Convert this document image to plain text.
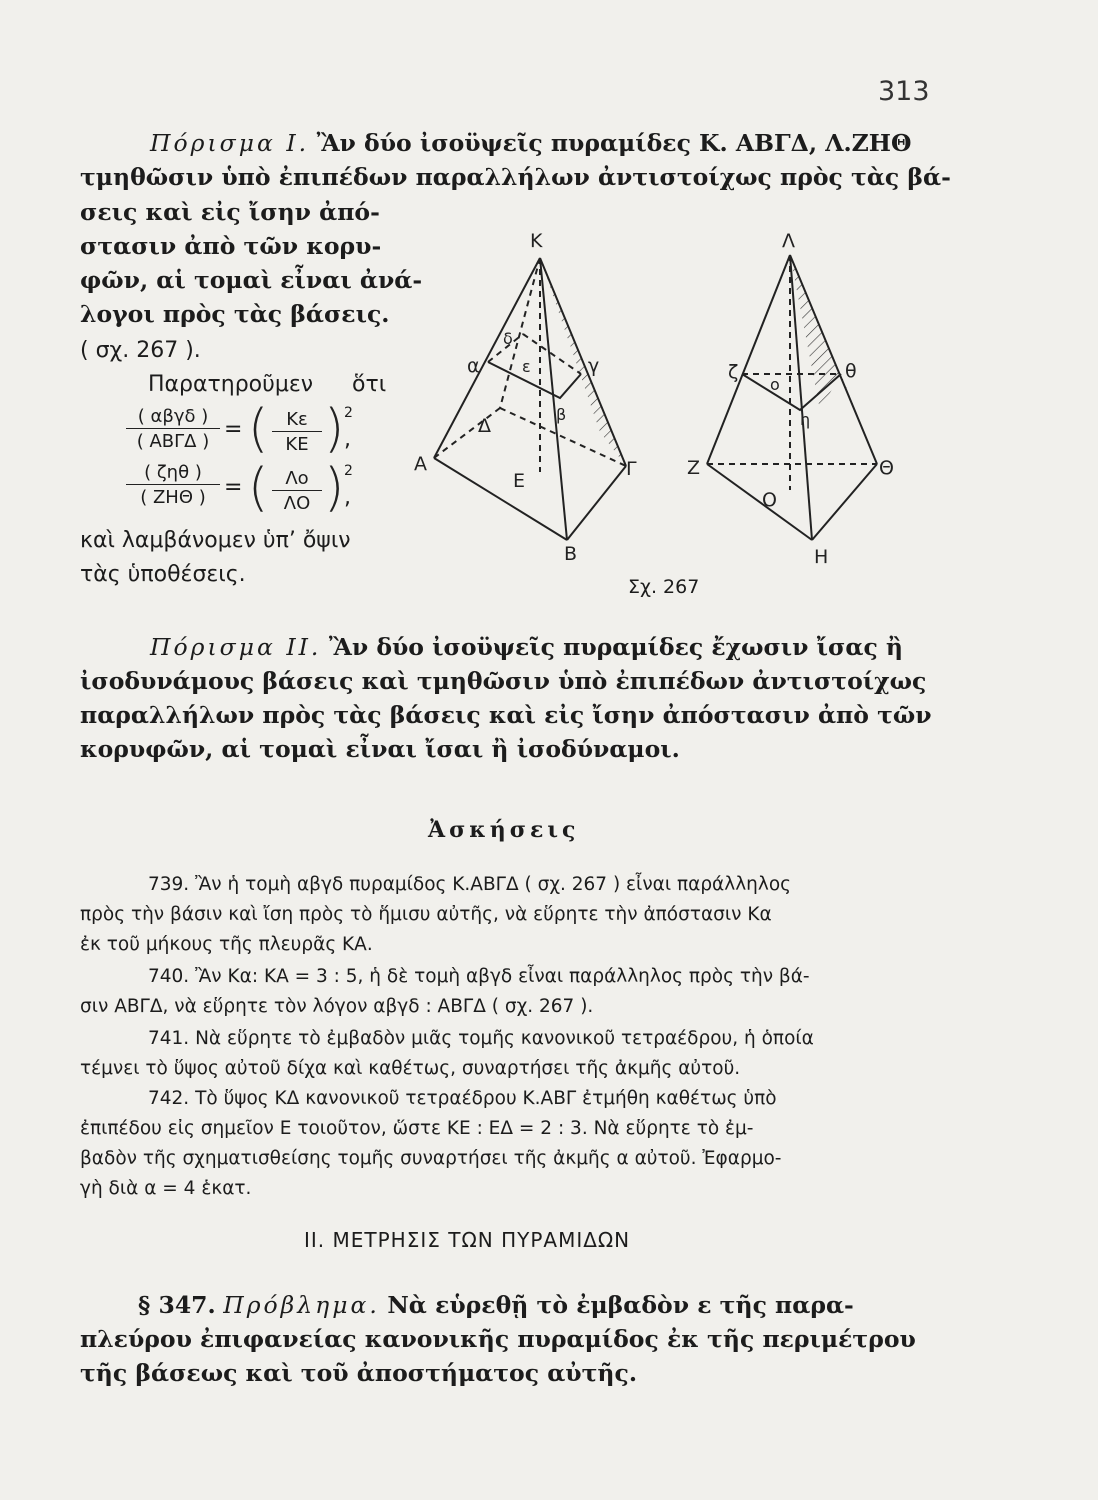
313
Πόρισμα I. Ἂν δύο ἰσοϋψεῖς πυραμίδες Κ. ΑΒΓΔ, Λ.ΖΗΘ
τμηθῶσιν ὑπὸ ἐπιπέδων παραλλήλων ἀντιστοίχως πρὸς τὰς βά-
σεις καὶ εἰς ἴσην ἀπό-
στασιν ἀπὸ τῶν κορυ-
φῶν, αἱ τομαὶ εἶναι ἀνά-
λογοι πρὸς τὰς βάσεις.
( σχ. 267 ).
Παρατηροῦμεν ὅτι
( αβγδ )
( ΑΒΓΔ ) = ( $\frac{K\varepsilon}{KE}$ ) 2
,
( ζηθ )
( ΖΗΘ ) = ( $\frac{\Lambda o}{\Lambda O}$ ) 2
,
καὶ λαμβάνομεν ὑπ’ ὄψιν
τὰς ὑποθέσεις.
Κ
α
δ
ε	γ
β
Δ
Α
Ε
Γ
Β
Λ
ζ
ο
θ
η
Ζ
Ο
Θ
Η
Σχ. 267
Πόρισμα II. Ἂν δύο ἰσοϋψεῖς πυραμίδες ἔχωσιν ἴσας ἢ
ἰσοδυνάμους βάσεις καὶ τμηθῶσιν ὑπὸ ἐπιπέδων ἀντιστοίχως
παραλλήλων πρὸς τὰς βάσεις καὶ εἰς ἴσην ἀπόστασιν ἀπὸ τῶν
κορυφῶν, αἱ τομαὶ εἶναι ἴσαι ἢ ἰσοδύναμοι.
Ἀσκήσεις
739. Ἂν ἡ τομὴ αβγδ πυραμίδος Κ.ΑΒΓΔ ( σχ. 267 ) εἶναι παράλληλος
πρὸς τὴν βάσιν καὶ ἴση πρὸς τὸ ἥμισυ αὐτῆς, νὰ εὕρητε τὴν ἀπόστασιν Κα
ἐκ τοῦ μήκους τῆς πλευρᾶς ΚΑ.
740. Ἂν Κα: ΚΑ = 3 : 5, ἡ δὲ τομὴ αβγδ εἶναι παράλληλος πρὸς τὴν βά-
σιν ΑΒΓΔ, νὰ εὕρητε τὸν λόγον αβγδ : ΑΒΓΔ ( σχ. 267 ).
741. Νὰ εὕρητε τὸ ἐμβαδὸν μιᾶς τομῆς κανονικοῦ τετραέδρου, ἡ ὁποία
τέμνει τὸ ὕψος αὐτοῦ δίχα καὶ καθέτως, συναρτήσει τῆς ἀκμῆς αὐτοῦ.
742. Τὸ ὕψος ΚΔ κανονικοῦ τετραέδρου Κ.ΑΒΓ ἐτμήθη καθέτως ὑπὸ
ἐπιπέδου εἰς σημεῖον Ε τοιοῦτον, ὥστε ΚΕ : ΕΔ = 2 : 3. Νὰ εὕρητε τὸ ἐμ-
βαδὸν τῆς σχηματισθείσης τομῆς συναρτήσει τῆς ἀκμῆς α αὐτοῦ. Ἐφαρμο-
γὴ διὰ α = 4 ἑκατ.
II. ΜΕΤΡΗΣΙΣ ΤΩΝ ΠΥΡΑΜΙΔΩΝ
§ 347. Πρόβλημα. Νὰ εὑρεθῇ τὸ ἐμβαδὸν ε τῆς παρα-
πλεύρου ἐπιφανείας κανονικῆς πυραμίδος ἐκ τῆς περιμέτρου
τῆς βάσεως καὶ τοῦ ἀποστήματος αὐτῆς.
